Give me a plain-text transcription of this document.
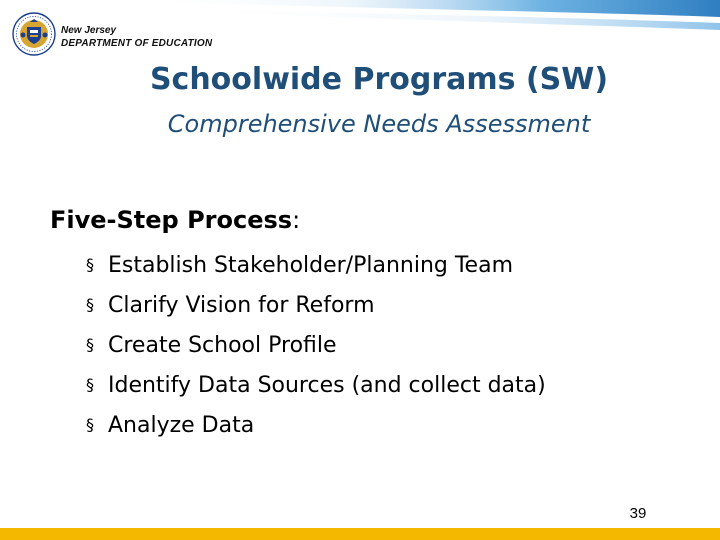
New Jersey
DEPARTMENT OF EDUCATION
Schoolwide Programs (SW)
Comprehensive Needs Assessment
Five-Step Process:
§ Establish Stakeholder/Planning Team
§ Clarify Vision for Reform
§ Create School Profile
§ Identify Data Sources (and collect data)
§ Analyze Data
39
